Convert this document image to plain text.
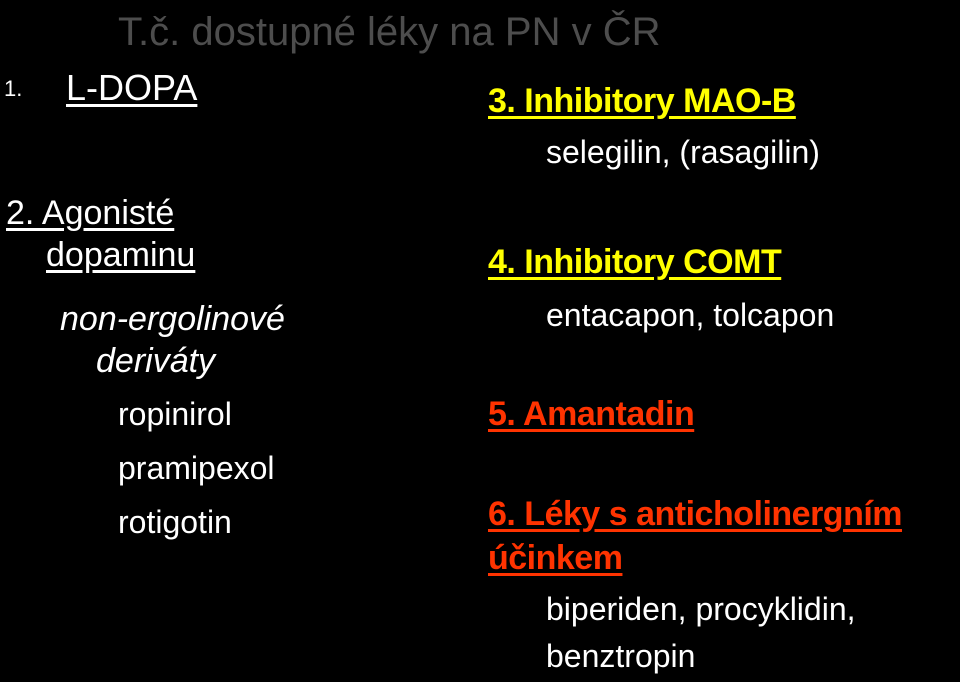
T.č. dostupné léky na PN v ČR
1. L-DOPA
2. Agonisté
dopaminu
non-ergolinové
deriváty
ropinirol
pramipexol
rotigotin
3. Inhibitory MAO-B
selegilin, (rasagilin)
4. Inhibitory COMT
entacapon, tolcapon
5. Amantadin
6. Léky s anticholinergním
účinkem
biperiden, procyklidin,
benztropin
